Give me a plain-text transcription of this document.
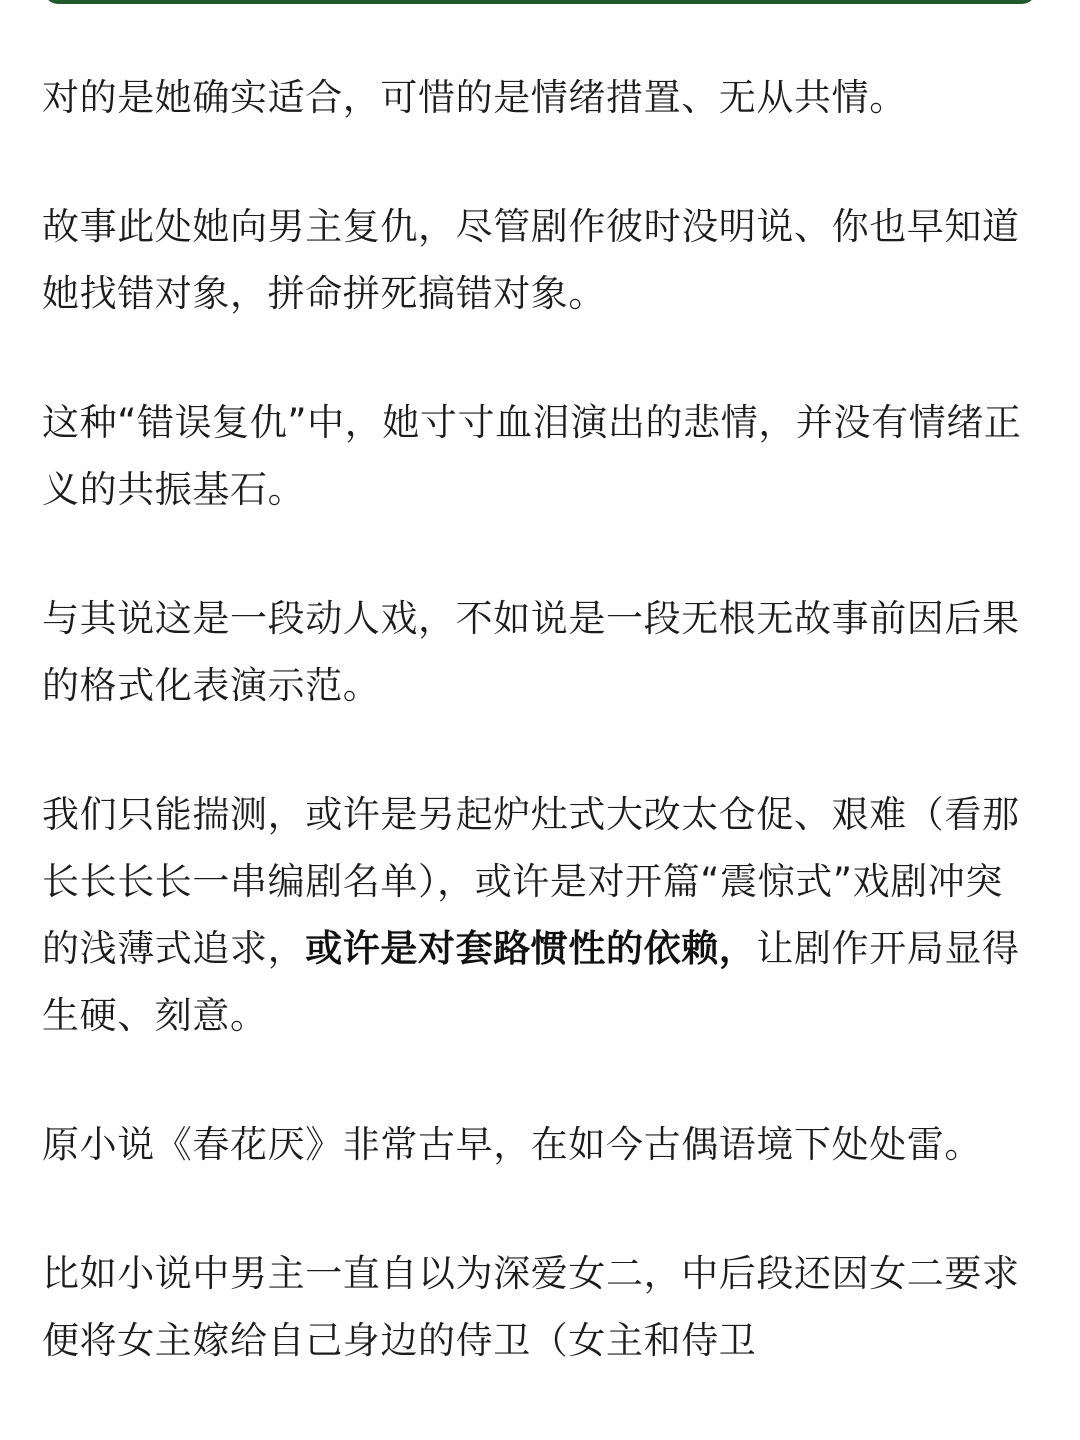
对的是她确实适合，可惜的是情绪措置、无从共情。

故事此处她向男主复仇，尽管剧作彼时没明说、你也早知道她找错对象，拼命拼死搞错对象。

这种“错误复仇”中，她寸寸血泪演出的悲情，并没有情绪正义的共振基石。

与其说这是一段动人戏，不如说是一段无根无故事前因后果的格式化表演示范。

我们只能揣测，或许是另起炉灶式大改太仓促、艰难（看那长长长长一串编剧名单），或许是对开篇“震惊式”戏剧冲突的浅薄式追求，或许是对套路惯性的依赖，让剧作开局显得生硬、刻意。

原小说《春花厌》非常古早，在如今古偶语境下处处雷。

比如小说中男主一直自以为深爱女二，中后段还因女二要求便将女主嫁给自己身边的侍卫（女主和侍卫
